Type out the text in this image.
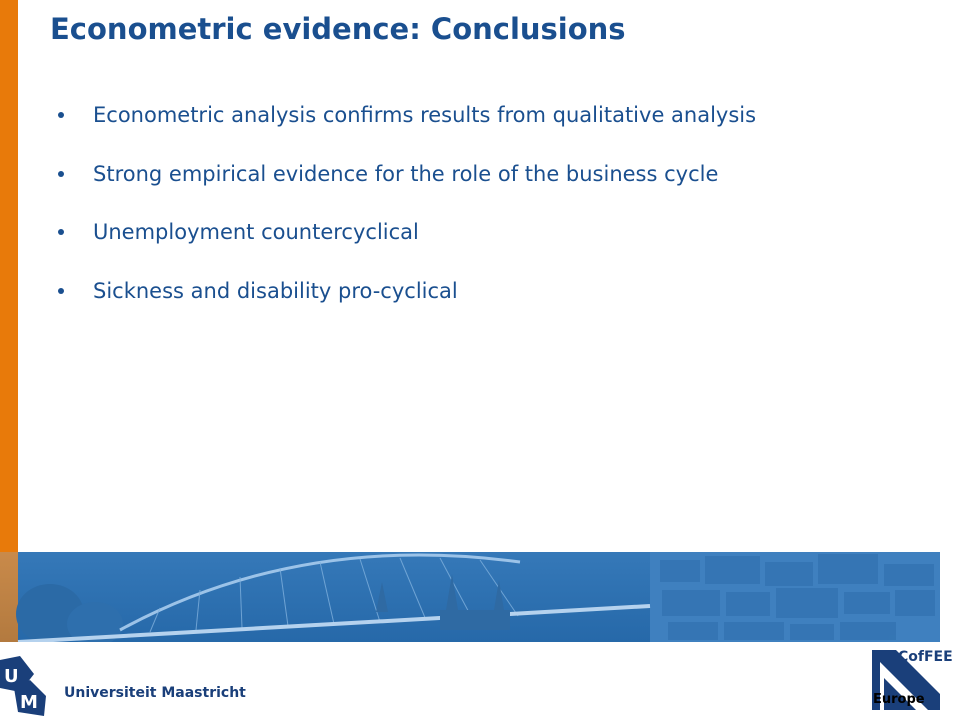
Econometric evidence: Conclusions
Econometric analysis confirms results from qualitative analysis
Strong empirical evidence for the role of the business cycle
Unemployment countercyclical
Sickness and disability pro-cyclical
U
M Universiteit Maastricht
CofFEE
Europe
